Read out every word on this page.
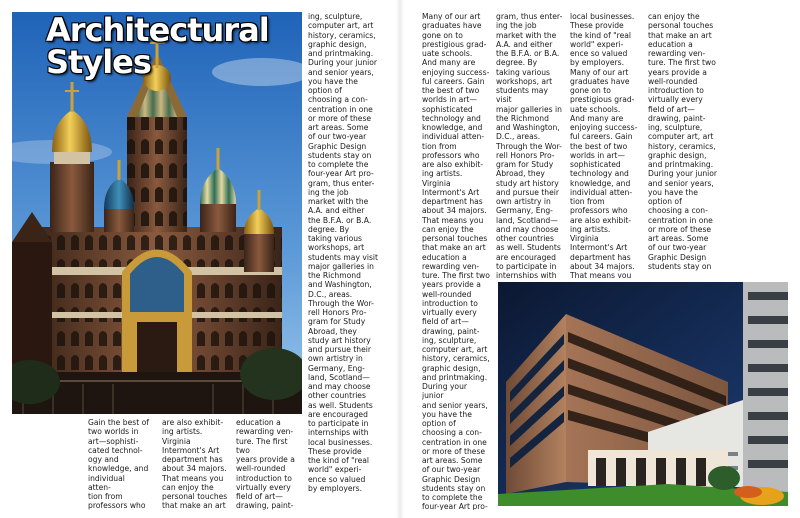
Architectural
Styles

Gain the best of
two worlds in
art—sophisti-
cated technol-
ogy and
knowledge, and
individual atten-
tion from
professors who

are also exhibit-
ing artists. Virginia
Intermont's Art
department has
about 34 majors.
That means you
can enjoy the
personal touches
that make an art

education a
rewarding ven-
ture. The first two
years provide a
well-rounded
introduction to
virtually every
field of art—
drawing, paint-

ing, sculpture,
computer art, art
history, ceramics,
graphic design,
and printmaking.
During your junior
and senior years,
you have the
option of
choosing a con-
centration in one
or more of these
art areas. Some
of our two-year
Graphic Design
students stay on
to complete the
four-year Art pro-
gram, thus enter-
ing the job
market with the
A.A. and either
the B.F.A. or B.A.
degree. By
taking various
workshops, art
students may visit
major galleries in
the Richmond
and Washington,
D.C., areas.
Through the Wor-
rell Honors Pro-
gram for Study
Abroad, they
study art history
and pursue their
own artistry in
Germany, Eng-
land, Scotland—
and may choose
other countries
as well. Students
are encouraged
to participate in
internships with
local businesses.
These provide
the kind of "real
world" experi-
ence so valued
by employers.

Many of our art
graduates have
gone on to
prestigious grad-
uate schools.
And many are
enjoying success-
ful careers. Gain
the best of two
worlds in art—
sophisticated
technology and
knowledge, and
individual atten-
tion from
professors who
are also exhibit-
ing artists. Virginia
Intermont's Art
department has
about 34 majors.
That means you
can enjoy the
personal touches
that make an art
education a
rewarding ven-
ture. The first two
years provide a
well-rounded
introduction to
virtually every
field of art—
drawing, paint-
ing, sculpture,
computer art, art
history, ceramics,
graphic design,
and printmaking.
During your junior
and senior years,
you have the
option of
choosing a con-
centration in one
or more of these
art areas. Some
of our two-year
Graphic Design
students stay on
to complete the
four-year Art pro-

gram, thus enter-
ing the job
market with the
A.A. and either
the B.F.A. or B.A.
degree. By
taking various
workshops, art
students may visit
major galleries in
the Richmond
and Washington,
D.C., areas.
Through the Wor-
rell Honors Pro-
gram for Study
Abroad, they
study art history
and pursue their
own artistry in
Germany, Eng-
land, Scotland—
and may choose
other countries
as well. Students
are encouraged
to participate in
internships with

local businesses.
These provide
the kind of "real
world" experi-
ence so valued
by employers.
Many of our art
graduates have
gone on to
prestigious grad-
uate schools.
And many are
enjoying success-
ful careers. Gain
the best of two
worlds in art—
sophisticated
technology and
knowledge, and
individual atten-
tion from
professors who
are also exhibit-
ing artists. Virginia
Intermont's Art
department has
about 34 majors.
That means you

can enjoy the
personal touches
that make an art
education a
rewarding ven-
ture. The first two
years provide a
well-rounded
introduction to
virtually every
field of art—
drawing, paint-
ing, sculpture,
computer art, art
history, ceramics,
graphic design,
and printmaking.
During your junior
and senior years,
you have the
option of
choosing a con-
centration in one
or more of these
art areas. Some
of our two-year
Graphic Design
students stay on
